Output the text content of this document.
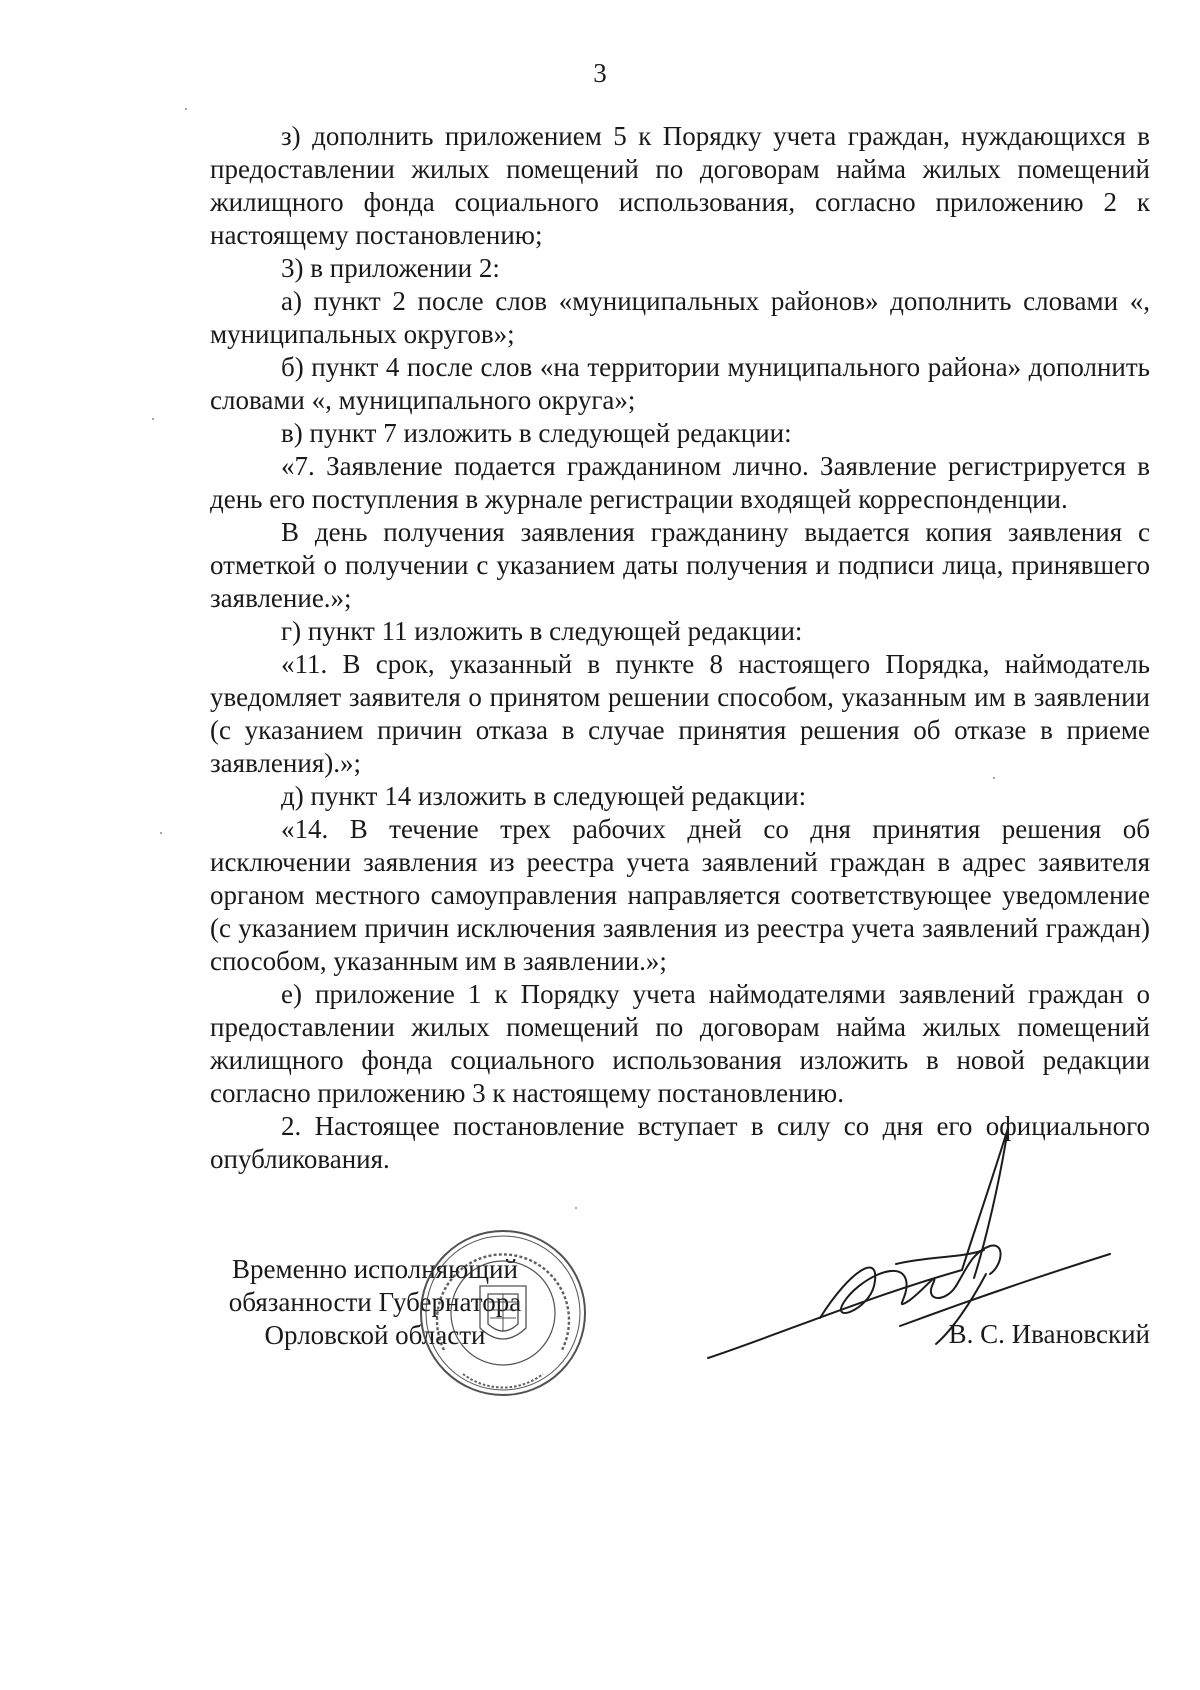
3

з) дополнить приложением 5 к Порядку учета граждан, нуждающихся в предоставлении жилых помещений по договорам найма жилых помещений жилищного фонда социального использования, согласно приложению 2 к настоящему постановлению;

3) в приложении 2:

а) пункт 2 после слов «муниципальных районов» дополнить словами «, муниципальных округов»;

б) пункт 4 после слов «на территории муниципального района» дополнить словами «, муниципального округа»;

в) пункт 7 изложить в следующей редакции:

«7. Заявление подается гражданином лично. Заявление регистрируется в день его поступления в журнале регистрации входящей корреспонденции.

В день получения заявления гражданину выдается копия заявления с отметкой о получении с указанием даты получения и подписи лица, принявшего заявление.»;

г) пункт 11 изложить в следующей редакции:

«11. В срок, указанный в пункте 8 настоящего Порядка, наймодатель уведомляет заявителя о принятом решении способом, указанным им в заявлении (с указанием причин отказа в случае принятия решения об отказе в приеме заявления).»;

д) пункт 14 изложить в следующей редакции:

«14. В течение трех рабочих дней со дня принятия решения об исключении заявления из реестра учета заявлений граждан в адрес заявителя органом местного самоуправления направляется соответствующее уведомление (с указанием причин исключения заявления из реестра учета заявлений граждан) способом, указанным им в заявлении.»;

е) приложение 1 к Порядку учета наймодателями заявлений граждан о предоставлении жилых помещений по договорам найма жилых помещений жилищного фонда социального использования изложить в новой редакции согласно приложению 3 к настоящему постановлению.

2. Настоящее постановление вступает в силу со дня его официального опубликования.

Временно исполняющий
обязанности Губернатора
Орловской области	В. С. Ивановский
